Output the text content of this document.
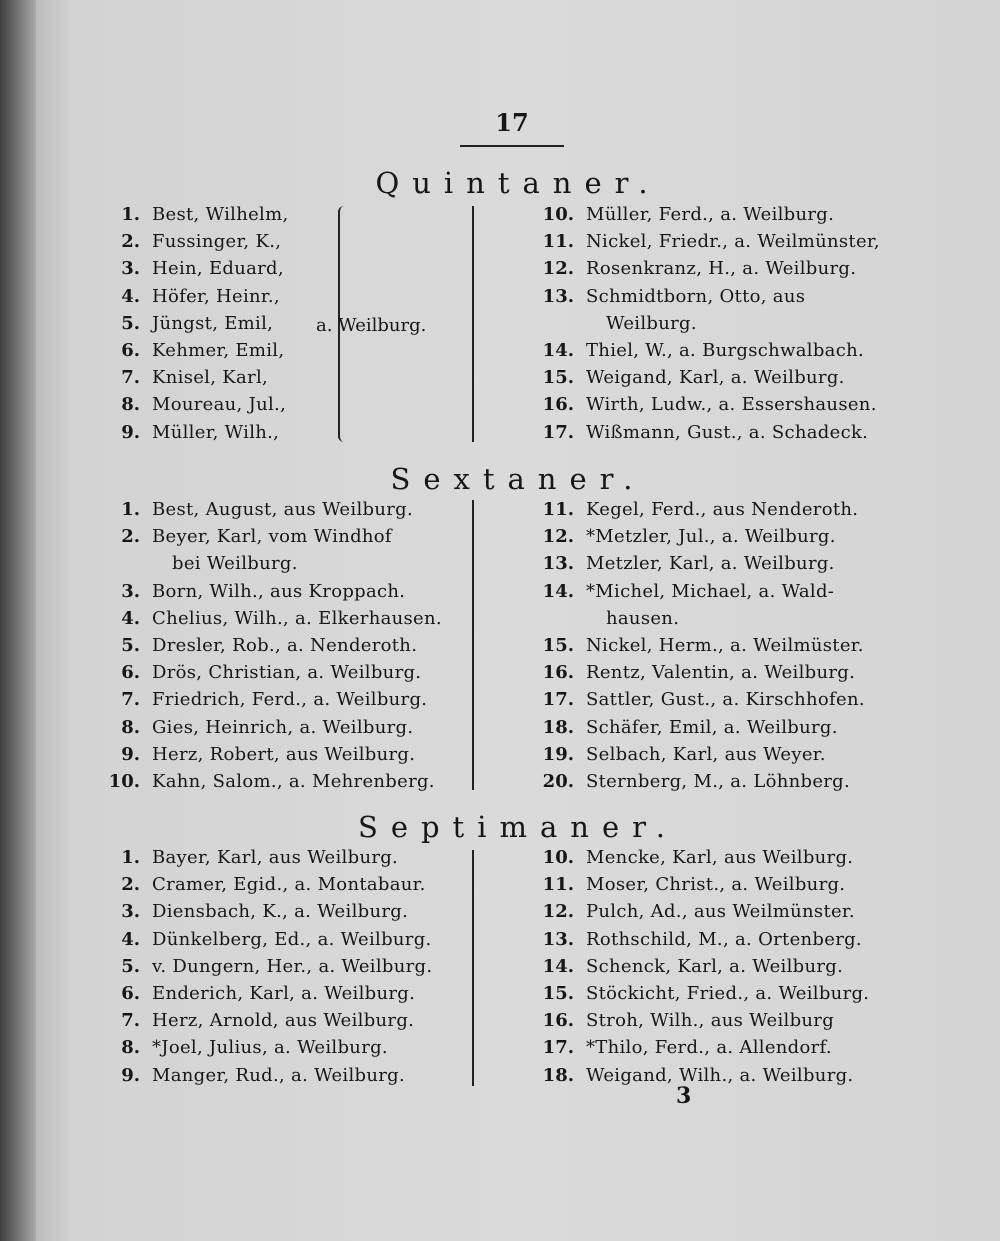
17
Quintaner.
1. Best, Wilhelm,
2. Fussinger, K.,
3. Hein, Eduard,
4. Höfer, Heinr.,
5. Jüngst, Emil,
6. Kehmer, Emil,
7. Knisel, Karl,
8. Moureau, Jul.,
9. Müller, Wilh.,
a. Weilburg.
10. Müller, Ferd., a. Weilburg.
11. Nickel, Friedr., a. Weilmünster,
12. Rosenkranz, H., a. Weilburg.
13. Schmidtborn, Otto, aus
Weilburg.
14. Thiel, W., a. Burgschwalbach.
15. Weigand, Karl, a. Weilburg.
16. Wirth, Ludw., a. Essershausen.
17. Wißmann, Gust., a. Schadeck.
Sextaner.
1. Best, August, aus Weilburg.
2. Beyer, Karl, vom Windhof
bei Weilburg.
3. Born, Wilh., aus Kroppach.
4. Chelius, Wilh., a. Elkerhausen.
5. Dresler, Rob., a. Nenderoth.
6. Drös, Christian, a. Weilburg.
7. Friedrich, Ferd., a. Weilburg.
8. Gies, Heinrich, a. Weilburg.
9. Herz, Robert, aus Weilburg.
10. Kahn, Salom., a. Mehrenberg.
11. Kegel, Ferd., aus Nenderoth.
12. *Metzler, Jul., a. Weilburg.
13. Metzler, Karl, a. Weilburg.
14. *Michel, Michael, a. Wald-
hausen.
15. Nickel, Herm., a. Weilmüster.
16. Rentz, Valentin, a. Weilburg.
17. Sattler, Gust., a. Kirschhofen.
18. Schäfer, Emil, a. Weilburg.
19. Selbach, Karl, aus Weyer.
20. Sternberg, M., a. Löhnberg.
Septimaner.
1. Bayer, Karl, aus Weilburg.
2. Cramer, Egid., a. Montabaur.
3. Diensbach, K., a. Weilburg.
4. Dünkelberg, Ed., a. Weilburg.
5. v. Dungern, Her., a. Weilburg.
6. Enderich, Karl, a. Weilburg.
7. Herz, Arnold, aus Weilburg.
8. *Joel, Julius, a. Weilburg.
9. Manger, Rud., a. Weilburg.
10. Mencke, Karl, aus Weilburg.
11. Moser, Christ., a. Weilburg.
12. Pulch, Ad., aus Weilmünster.
13. Rothschild, M., a. Ortenberg.
14. Schenck, Karl, a. Weilburg.
15. Stöckicht, Fried., a. Weilburg.
16. Stroh, Wilh., aus Weilburg
17. *Thilo, Ferd., a. Allendorf.
18. Weigand, Wilh., a. Weilburg.
3
